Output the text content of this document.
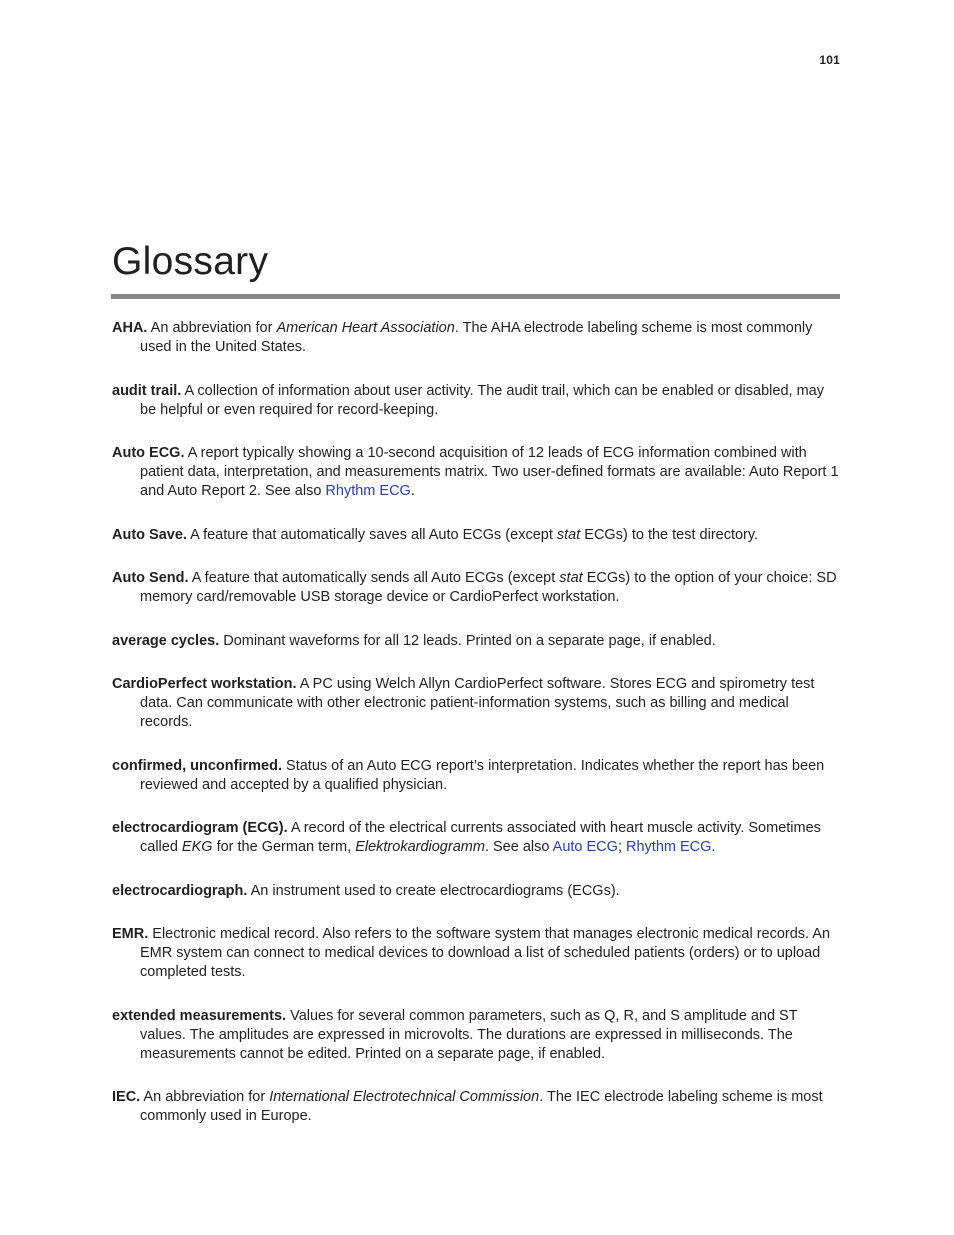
101
Glossary

AHA. An abbreviation for American Heart Association. The AHA electrode labeling scheme is most commonly used in the United States.

audit trail. A collection of information about user activity. The audit trail, which can be enabled or disabled, may be helpful or even required for record-keeping.

Auto ECG. A report typically showing a 10-second acquisition of 12 leads of ECG information combined with patient data, interpretation, and measurements matrix. Two user-defined formats are available: Auto Report 1 and Auto Report 2. See also Rhythm ECG.

Auto Save. A feature that automatically saves all Auto ECGs (except stat ECGs) to the test directory.

Auto Send. A feature that automatically sends all Auto ECGs (except stat ECGs) to the option of your choice: SD memory card/removable USB storage device or CardioPerfect workstation.

average cycles. Dominant waveforms for all 12 leads. Printed on a separate page, if enabled.

CardioPerfect workstation. A PC using Welch Allyn CardioPerfect software. Stores ECG and spirometry test data. Can communicate with other electronic patient-information systems, such as billing and medical records.

confirmed, unconfirmed. Status of an Auto ECG report’s interpretation. Indicates whether the report has been reviewed and accepted by a qualified physician.

electrocardiogram (ECG). A record of the electrical currents associated with heart muscle activity. Sometimes called EKG for the German term, Elektrokardiogramm. See also Auto ECG; Rhythm ECG.

electrocardiograph. An instrument used to create electrocardiograms (ECGs).

EMR. Electronic medical record. Also refers to the software system that manages electronic medical records. An EMR system can connect to medical devices to download a list of scheduled patients (orders) or to upload completed tests.

extended measurements. Values for several common parameters, such as Q, R, and S amplitude and ST values. The amplitudes are expressed in microvolts. The durations are expressed in milliseconds. The measurements cannot be edited. Printed on a separate page, if enabled.

IEC. An abbreviation for International Electrotechnical Commission. The IEC electrode labeling scheme is most commonly used in Europe.
